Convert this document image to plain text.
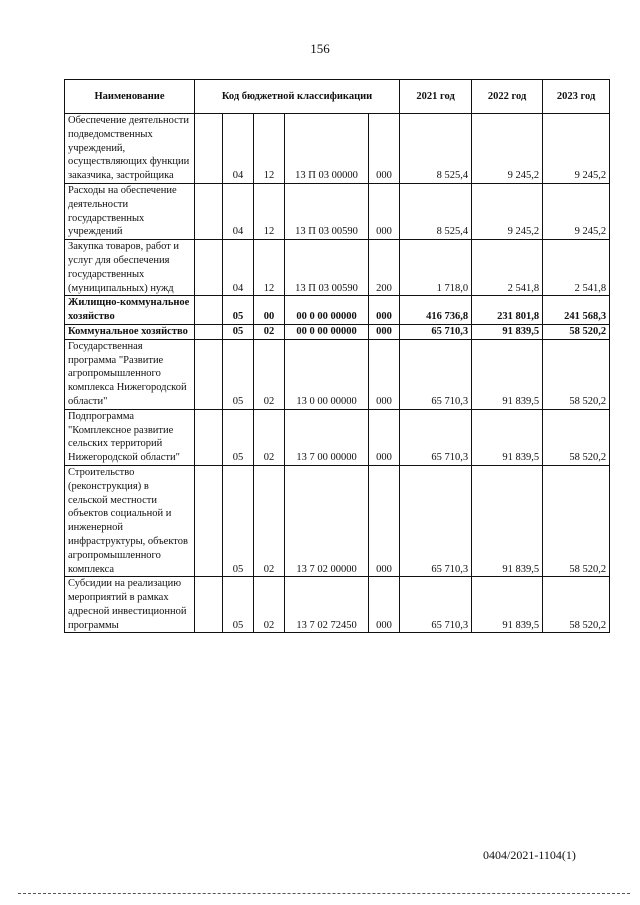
156
Наименование	Код бюджетной классификации					2021 год	2022 год	2023 год
Обеспечение деятельности подведомственных учреждений, осуществляющих функции заказчика, застройщика		04	12	13 П 03 00000	000	8 525,4	9 245,2	9 245,2
Расходы на обеспечение деятельности государственных учреждений		04	12	13 П 03 00590	000	8 525,4	9 245,2	9 245,2
Закупка товаров, работ и услуг для обеспечения государственных (муниципальных) нужд		04	12	13 П 03 00590	200	1 718,0	2 541,8	2 541,8
Жилищно-коммунальное хозяйство		05	00	00 0 00 00000	000	416 736,8	231 801,8	241 568,3
Коммунальное хозяйство		05	02	00 0 00 00000	000	65 710,3	91 839,5	58 520,2
Государственная программа "Развитие агропромышленного комплекса Нижегородской области"		05	02	13 0 00 00000	000	65 710,3	91 839,5	58 520,2
Подпрограмма "Комплексное развитие сельских территорий Нижегородской области"		05	02	13 7 00 00000	000	65 710,3	91 839,5	58 520,2
Строительство (реконструкция) в сельской местности объектов социальной и инженерной инфраструктуры, объектов агропромышленного комплекса		05	02	13 7 02 00000	000	65 710,3	91 839,5	58 520,2
Субсидии на реализацию мероприятий в рамках адресной инвестиционной программы		05	02	13 7 02 72450	000	65 710,3	91 839,5	58 520,2
0404/2021-1104(1)
